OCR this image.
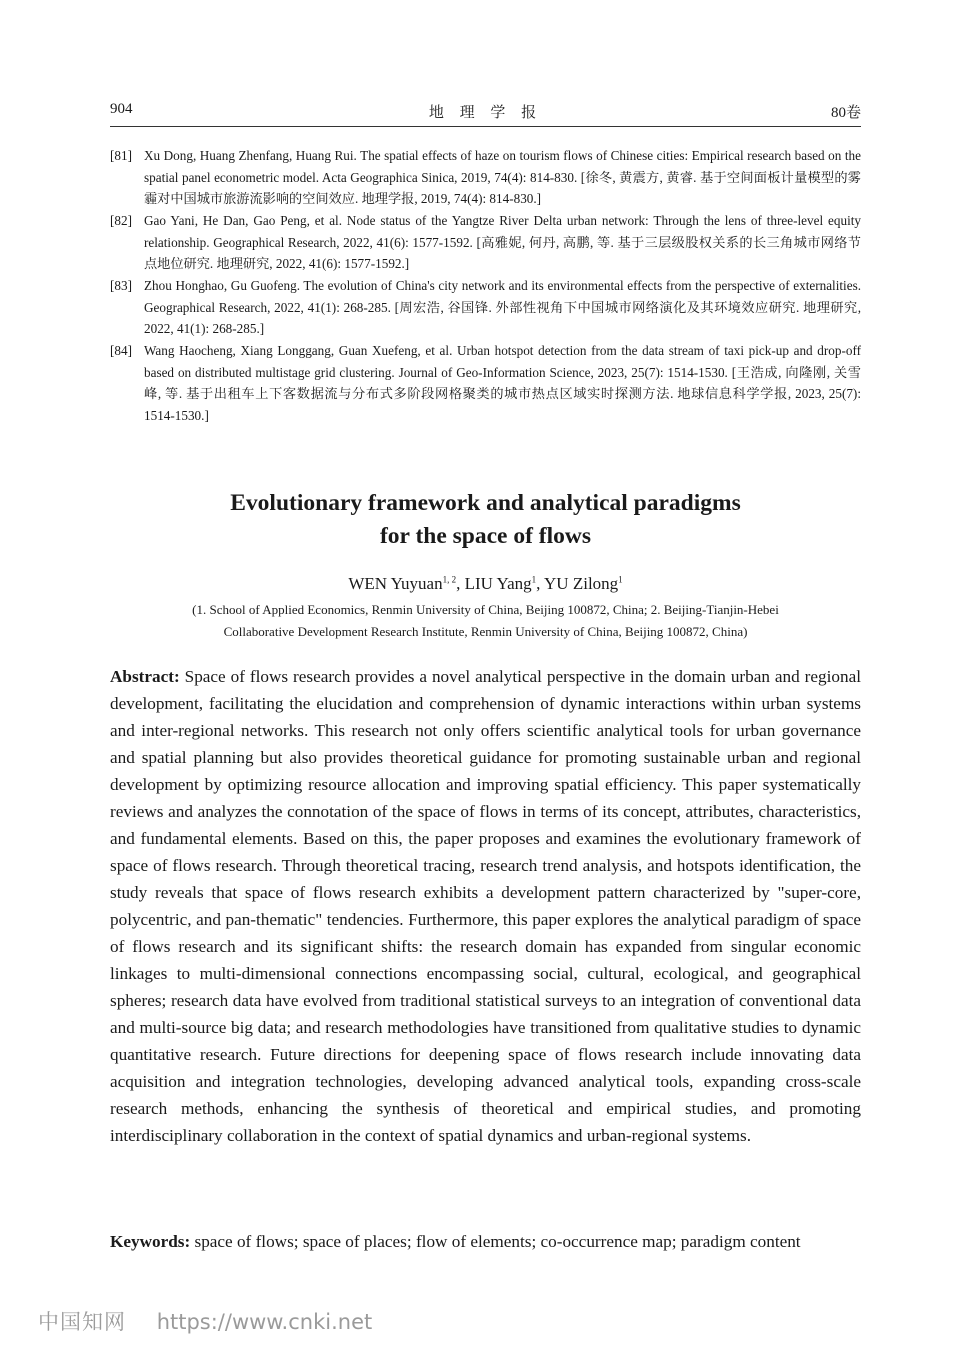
904	地 理 学 报	80卷
[81] Xu Dong, Huang Zhenfang, Huang Rui. The spatial effects of haze on tourism flows of Chinese cities: Empirical research based on the spatial panel econometric model. Acta Geographica Sinica, 2019, 74(4): 814-830. [徐冬, 黄震方, 黄睿. 基于空间面板计量模型的雾霾对中国城市旅游流影响的空间效应. 地理学报, 2019, 74(4): 814-830.]
[82] Gao Yani, He Dan, Gao Peng, et al. Node status of the Yangtze River Delta urban network: Through the lens of three-level equity relationship. Geographical Research, 2022, 41(6): 1577-1592. [高雅妮, 何丹, 高鹏, 等. 基于三层级股权关系的长三角城市网络节点地位研究. 地理研究, 2022, 41(6): 1577-1592.]
[83] Zhou Honghao, Gu Guofeng. The evolution of China's city network and its environmental effects from the perspective of externalities. Geographical Research, 2022, 41(1): 268-285. [周宏浩, 谷国锋. 外部性视角下中国城市网络演化及其环境效应研究. 地理研究, 2022, 41(1): 268-285.]
[84] Wang Haocheng, Xiang Longgang, Guan Xuefeng, et al. Urban hotspot detection from the data stream of taxi pick-up and drop-off based on distributed multistage grid clustering. Journal of Geo-Information Science, 2023, 25(7): 1514-1530. [王浩成, 向隆刚, 关雪峰, 等. 基于出租车上下客数据流与分布式多阶段网格聚类的城市热点区域实时探测方法. 地球信息科学学报, 2023, 25(7): 1514-1530.]
Evolutionary framework and analytical paradigms
for the space of flows
WEN Yuyuan$^{1, 2}$, LIU Yang$^1$, YU Zilong$^1$
(1. School of Applied Economics, Renmin University of China, Beijing 100872, China; 2. Beijing-Tianjin-Hebei
Collaborative Development Research Institute, Renmin University of China, Beijing 100872, China)
Abstract: Space of flows research provides a novel analytical perspective in the domain urban and regional development, facilitating the elucidation and comprehension of dynamic interactions within urban systems and inter-regional networks. This research not only offers scientific analytical tools for urban governance and spatial planning but also provides theoretical guidance for promoting sustainable urban and regional development by optimizing resource allocation and improving spatial efficiency. This paper systematically reviews and analyzes the connotation of the space of flows in terms of its concept, attributes, characteristics, and fundamental elements. Based on this, the paper proposes and examines the evolutionary framework of space of flows research. Through theoretical tracing, research trend analysis, and hotspots identification, the study reveals that space of flows research exhibits a development pattern characterized by "super-core, polycentric, and pan-thematic" tendencies. Furthermore, this paper explores the analytical paradigm of space of flows research and its significant shifts: the research domain has expanded from singular economic linkages to multi-dimensional connections encompassing social, cultural, ecological, and geographical spheres; research data have evolved from traditional statistical surveys to an integration of conventional data and multi-source big data; and research methodologies have transitioned from qualitative studies to dynamic quantitative research. Future directions for deepening space of flows research include innovating data acquisition and integration technologies, developing advanced analytical tools, expanding cross-scale research methods, enhancing the synthesis of theoretical and empirical studies, and promoting interdisciplinary collaboration in the context of spatial dynamics and urban-regional systems.
Keywords: space of flows; space of places; flow of elements; co-occurrence map; paradigm content
中国知网 https://www.cnki.net
